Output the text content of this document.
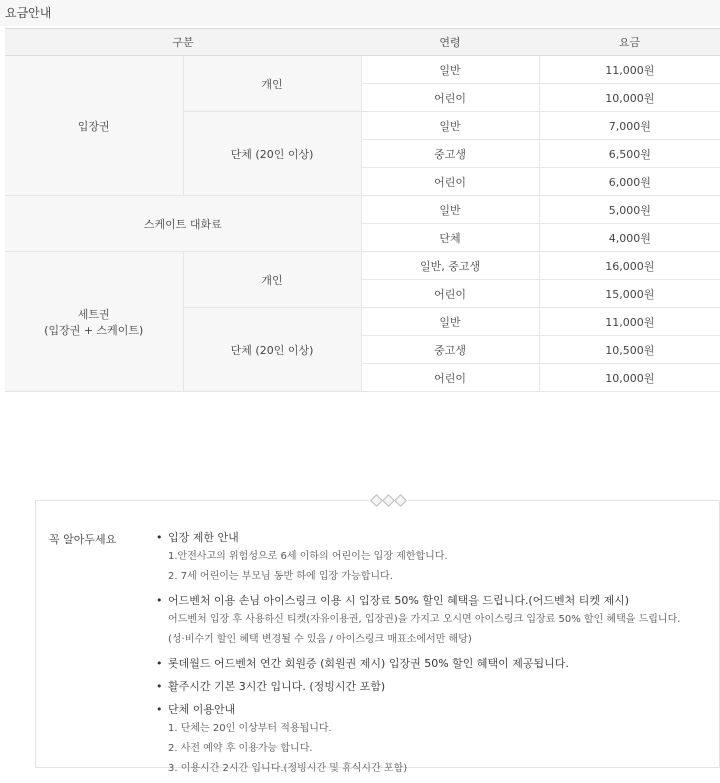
요금안내
구분		연령	요금
입장권	개인	일반	11,000원
		어린이	10,000원
	단체 (20인 이상)	일반	7,000원
		중고생	6,500원
		어린이	6,000원
스케이트 대화료		일반	5,000원
		단체	4,000원
세트권
(입장권 + 스케이트)	개인	일반, 중고생	16,000원
		어린이	15,000원
	단체 (20인 이상)	일반	11,000원
		중고생	10,500원
		어린이	10,000원
꼭 알아두세요	• 입장 제한 안내
1.안전사고의 위험성으로 6세 이하의 어린이는 입장 제한합니다.
2. 7세 어린이는 부모님 동반 하에 입장 가능합니다.
• 어드벤처 이용 손님 아이스링크 이용 시 입장료 50% 할인 혜택을 드립니다.(어드벤처 티켓 제시)
어드벤처 입장 후 사용하신 티켓(자유이용권, 입장권)을 가지고 오시면 아이스링크 입장료 50% 할인 혜택을 드립니다.
(성·비수기 할인 혜택 변경될 수 있음 / 아이스링크 매표소에서만 해당)
• 롯데월드 어드벤처 연간 회원증 (회원권 제시) 입장권 50% 할인 혜택이 제공됩니다.
• 활주시간 기본 3시간 입니다. (정빙시간 포함)
• 단체 이용안내
1. 단체는 20인 이상부터 적용됩니다.
2. 사전 예약 후 이용가능 합니다.
3. 이용시간 2시간 입니다.(정빙시간 및 휴식시간 포함)
